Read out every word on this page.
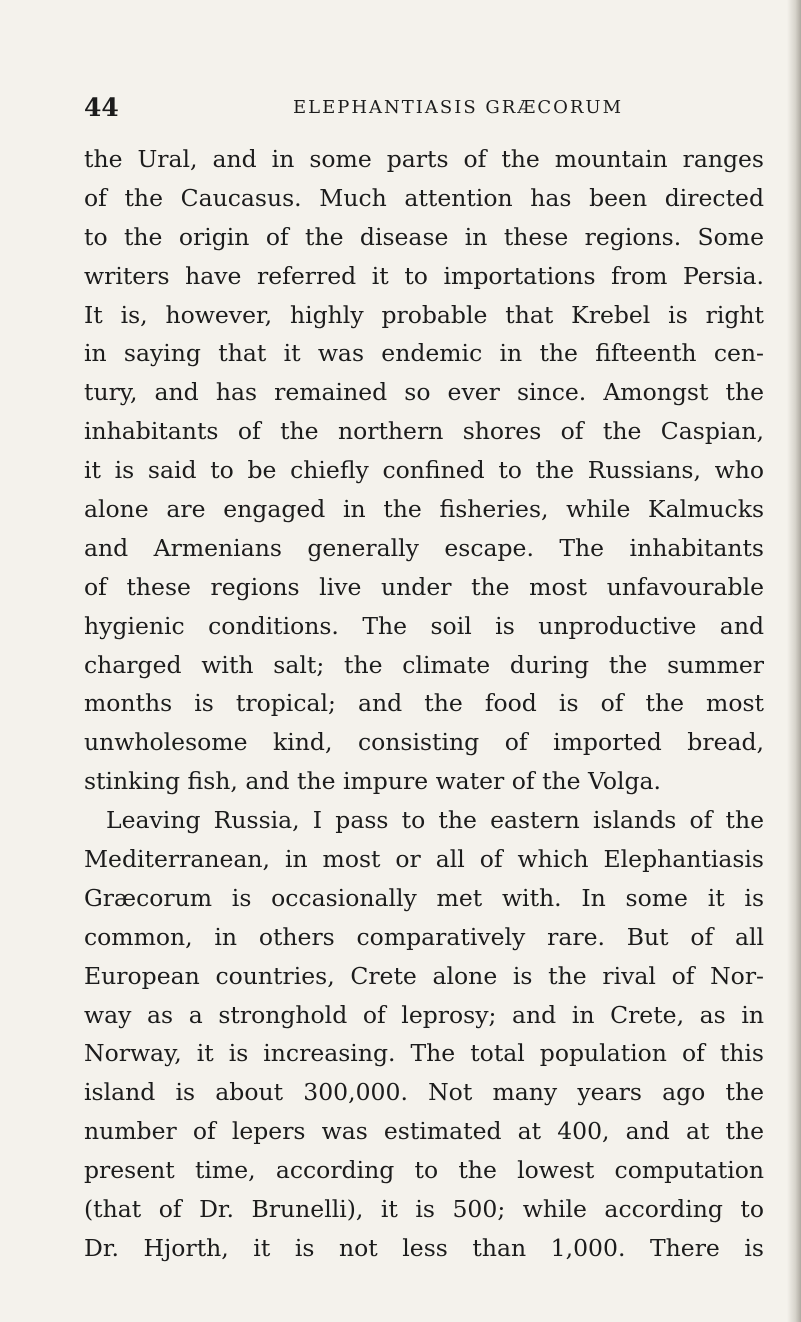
44	ELEPHANTIASIS GRÆCORUM
the Ural, and in some parts of the mountain ranges
of the Caucasus. Much attention has been directed
to the origin of the disease in these regions. Some
writers have referred it to importations from Persia.
It is, however, highly probable that Krebel is right
in saying that it was endemic in the fifteenth cen-
tury, and has remained so ever since. Amongst the
inhabitants of the northern shores of the Caspian,
it is said to be chiefly confined to the Russians, who
alone are engaged in the fisheries, while Kalmucks
and Armenians generally escape. The inhabitants
of these regions live under the most unfavourable
hygienic conditions. The soil is unproductive and
charged with salt; the climate during the summer
months is tropical; and the food is of the most
unwholesome kind, consisting of imported bread,
stinking fish, and the impure water of the Volga.
Leaving Russia, I pass to the eastern islands of the
Mediterranean, in most or all of which Elephantiasis
Græcorum is occasionally met with. In some it is
common, in others comparatively rare. But of all
European countries, Crete alone is the rival of Nor-
way as a stronghold of leprosy; and in Crete, as in
Norway, it is increasing. The total population of this
island is about 300,000. Not many years ago the
number of lepers was estimated at 400, and at the
present time, according to the lowest computation
(that of Dr. Brunelli), it is 500; while according to
Dr. Hjorth, it is not less than 1,000. There is
